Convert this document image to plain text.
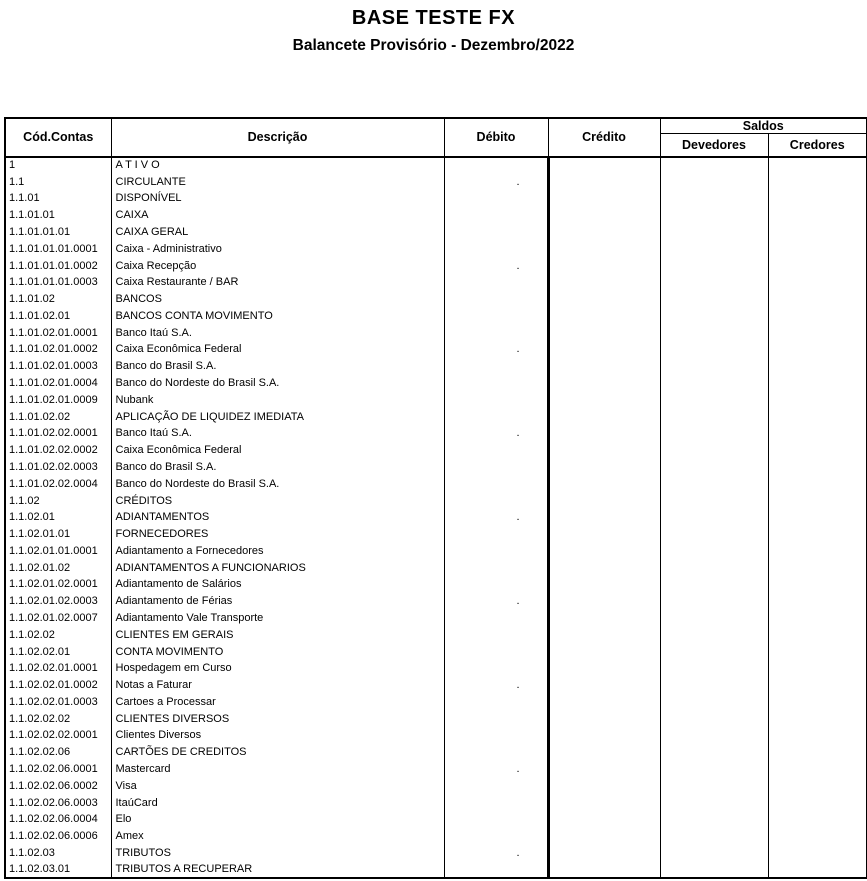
BASE TESTE FX
Balancete Provisório - Dezembro/2022
Cód.Contas	Descrição	Débito	Crédito	Saldos	
				Devedores	Credores
1	A T I V O				
1.1	CIRCULANTE	.			
1.1.01	DISPONÍVEL				
1.1.01.01	CAIXA				
1.1.01.01.01	CAIXA GERAL				
1.1.01.01.01.0001	Caixa - Administrativo				
1.1.01.01.01.0002	Caixa Recepção	.			
1.1.01.01.01.0003	Caixa Restaurante / BAR				
1.1.01.02	BANCOS				
1.1.01.02.01	BANCOS CONTA MOVIMENTO				
1.1.01.02.01.0001	Banco Itaú S.A.				
1.1.01.02.01.0002	Caixa Econômica Federal	.			
1.1.01.02.01.0003	Banco do Brasil S.A.				
1.1.01.02.01.0004	Banco do Nordeste do Brasil S.A.				
1.1.01.02.01.0009	Nubank				
1.1.01.02.02	APLICAÇÃO DE LIQUIDEZ IMEDIATA				
1.1.01.02.02.0001	Banco Itaú S.A.	.			
1.1.01.02.02.0002	Caixa Econômica Federal				
1.1.01.02.02.0003	Banco do Brasil S.A.				
1.1.01.02.02.0004	Banco do Nordeste do Brasil S.A.				
1.1.02	CRÉDITOS				
1.1.02.01	ADIANTAMENTOS	.			
1.1.02.01.01	FORNECEDORES				
1.1.02.01.01.0001	Adiantamento a Fornecedores				
1.1.02.01.02	ADIANTAMENTOS A FUNCIONARIOS				
1.1.02.01.02.0001	Adiantamento de Salários				
1.1.02.01.02.0003	Adiantamento de Férias	.			
1.1.02.01.02.0007	Adiantamento Vale Transporte				
1.1.02.02	CLIENTES EM GERAIS				
1.1.02.02.01	CONTA MOVIMENTO				
1.1.02.02.01.0001	Hospedagem em Curso				
1.1.02.02.01.0002	Notas a Faturar	.			
1.1.02.02.01.0003	Cartoes a Processar				
1.1.02.02.02	CLIENTES DIVERSOS				
1.1.02.02.02.0001	Clientes Diversos				
1.1.02.02.06	CARTÕES DE CREDITOS				
1.1.02.02.06.0001	Mastercard	.			
1.1.02.02.06.0002	Visa				
1.1.02.02.06.0003	ItaúCard				
1.1.02.02.06.0004	Elo				
1.1.02.02.06.0006	Amex				
1.1.02.03	TRIBUTOS	.			
1.1.02.03.01	TRIBUTOS A RECUPERAR				
